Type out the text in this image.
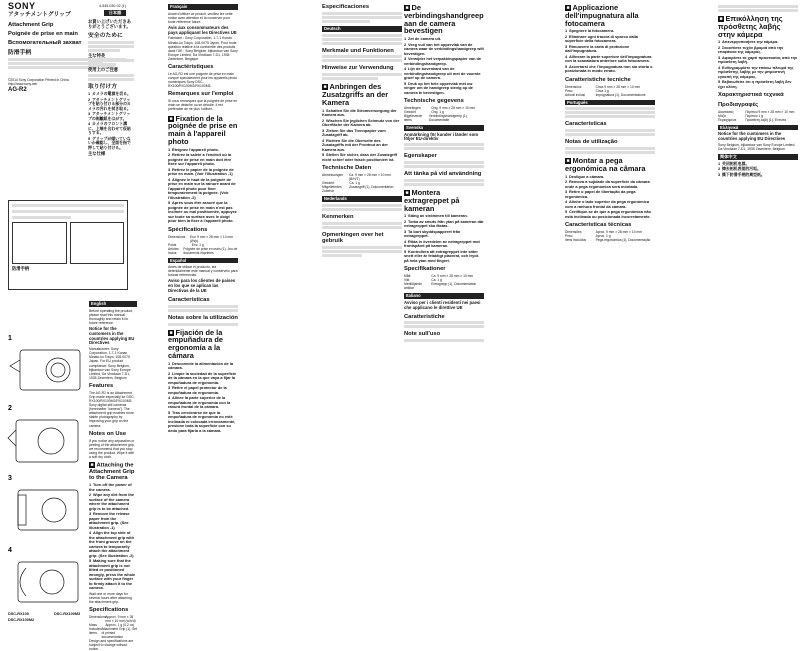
SONY	4-545-030-02 (1)
日本語
アタッチメントグリップ
Attachment Grip
Poignée de prise en main
Вспомогательный захват
防滑手柄
©2014 Sony Corporation Printed in China
http://www.sony.net/
AG-R2
お買い上げいただきありがとうございます。
安全のために
主な特長
使用上のご注意
取り付け方
1 カメラの電源を切る。
2 アタッチメントグリップを貼り付ける部分のカメラの汚れを拭き取る。
3 アタッチメントグリップの剥離紙をはがす。
4 カメラのフロント溝に、上端を合わせて仮貼りする。
5 グリップが傾いていないか確認し、全面を指で押して貼り付ける。
主な仕様
防滑手柄
English
Before operating the product, please read this manual thoroughly and retain it for future reference.
Notice for the customers in the countries applying EU Directives
Manufacturer: Sony Corporation, 1-7-1 Konan Minato-ku Tokyo, 108-0075 Japan. For EU product compliance: Sony Belgium, bijkantoor van Sony Europe Limited, Da Vincilaan 7-D1, 1935 Zaventem, Belgium
Features
The AG-R2 is an Attachment Grip made especially for DSC-RX100/RX100M2/RX100M3 Sony digital still cameras (hereinafter "camera"). The attachment grip enables more stable photography by improving your grip on the camera.
Notes on Use
If you notice any separation or peeling of the attachment grip, we recommend that you stop using the product. Wipe it with a soft dry cloth.
■ Attaching the Attachment Grip to the Camera
1 Turn off the power of the camera.
2 Wipe any dirt from the surface of the camera where the attachment grip is to be attached.
3 Remove the release paper from the attachment grip. (See illustration -1)
4 Align the top side of the attachment grip with the front groove on the camera to temporarily attach the attachment grip. (See illustration -2)
5 Making sure that the attachment grip is not tilted or positioned wrongly, press the whole surface with your finger to firmly attach it to the camera.
Wait one or more days for several hours after attaching the attachment grip.
Specifications
Dimensions Approx. 9 mm × 28 mm × 10 mm (w/h/d)
Mass	Approx. 1 g (0.2 oz)
Included items
Attachment Grip (1), Set of printed documentation
Design and specifications are subject to change without notice.
1
2
3
4
DSC-RX100
DSC-RX100M2
DSC-RX100M3
Français
Avant d'utiliser ce produit, veuillez lire cette notice avec attention et la conserver pour toute référence future.
Avis aux consommateurs des pays appliquant les Directives UE
Fabricant : Sony Corporation, 1-7-1 Konan Minato-ku Tokyo, 108-0075 Japon. Pour toute question relative à la conformité des produits dans l'UE : Sony Belgium, bijkantoor van Sony Europe Limited, Da Vincilaan 7-D1, 1935 Zaventem, Belgique
Caractéristiques
Le AG-R2 est une poignée de prise en main conçue spécialement pour les appareils photo numériques Sony DSC-RX100/RX100M2/RX100M3.
Remarques sur l'emploi
Si vous remarquez que la poignée de prise en main se détache ou se décolle, il est préférable de ne plus l'utiliser.
■ Fixation de la poignée de prise en main à l'appareil photo
1 Éteignez l'appareil photo.
2 Retirez la saleté à l'endroit où la poignée de prise en main doit être fixée sur l'appareil photo.
3 Retirez le papier de la poignée de prise en main. (Voir l'illustration -1)
4 Alignez le haut de la poignée de prise en main sur la rainure avant de l'appareil photo pour fixer temporairement la poignée. (Voir l'illustration -2)
5 Après vous être assuré que la poignée de prise en main n'est pas inclinée ou mal positionnée, appuyez sur toute sa surface avec le doigt pour bien la fixer à l'appareil photo.
Spécifications
Dimensions	Env. 9 mm × 28 mm × 10 mm (l/h/p)
Poids	Env. 1 g
Articles inclus
Poignée de prise en main (1), Jeu de documents imprimés
Español
Antes de utilizar el producto, lea detenidamente este manual y consérvelo para futuras referencias.
Aviso para los clientes de países en los que se aplican las Directivas de la UE
Características
Notas sobre la utilización
■ Fijación de la empuñadura de ergonomía a la cámara
1 Desconecte la alimentación de la cámara.
2 Limpie la suciedad de la superficie de la cámara en la que vaya a fijar la empuñadura de ergonomía.
3 Retire el papel protector de la empuñadura de ergonomía.
4 Alinee la parte superior de la empuñadura de ergonomía con la ranura frontal de la cámara.
5 Tras cerciorarse de que la empuñadura de ergonomía no esté inclinada ni colocada erróneamente, presione toda la superficie con su dedo para fijarla a la cámara.
Especificaciones
Deutsch
Merkmale und Funktionen
Hinweise zur Verwendung
■ Anbringen des Zusatzgriffs an der Kamera
1 Schalten Sie die Stromversorgung der Kamera aus.
2 Wischen Sie jeglichen Schmutz von der Oberfläche der Kamera ab.
3 Ziehen Sie das Trennpapier vom Zusatzgriff ab.
4 Richten Sie die Oberseite des Zusatzgriffs mit der Frontnut an der Kamera aus.
5 Stellen Sie sicher, dass der Zusatzgriff nicht schief oder falsch positioniert ist.
Technische Daten
Abmessungen	Ca. 9 mm × 28 mm × 10 mm (B/H/T)
Gewicht	Ca. 1 g
Mitgeliefertes Zubehör
Zusatzgriff (1), Dokumentation
Nederlands
Kenmerken
Opmerkingen over het gebruik
■ De verbindingshandgreep aan de camera bevestigen
1 Zet de camera uit.
2 Veeg vuil van het oppervlak van de camera waar de verbindingshandgreep wilt bevestigen.
3 Verwijder het verpakkingspapier van de verbindingshandgreep.
4 Lijn de bovenkant van de verbindingshandgreep uit met de voorste groef op de camera.
5 Druk op het hele oppervlak met uw vinger om de handgreep stevig op de camera te bevestigen.
Technische gegevens
Afmetingen	Ong. 9 mm × 28 mm × 10 mm
Gewicht	Ong. 1 g
Bijgeleverde items
Verbindingshandgreep (1), Documentatie
Svenska
Anmärkning för kunder i länder som följer EU-direktiv
Egenskaper
Att tänka på vid användning
■ Montera extragreppet på kameran
1 Stäng av strömmen till kameran.
2 Torka av smuts från ytan på kameran där extragreppet ska fästas.
3 Ta bort skyddspapperet från extragreppet.
4 Rikta in överdelen av extragreppet mot frontspåret på kameran.
5 Kontrollera att extragreppet inte sitter snett eller är felaktigt placerat, och tryck på hela ytan med fingret.
Specifikationer
Mått	Ca. 9 mm × 28 mm × 10 mm
Vikt	Ca. 1 g
Medföljande artiklar
Extragrepp (1), Dokumentation
Italiano
Avviso per i clienti residenti nei paesi che applicano le direttive UE
Caratteristiche
Note sull'uso
■ Applicazione dell'impugnatura alla fotocamera
1 Spegnere la fotocamera.
2 Eliminare ogni traccia di sporco dalla superficie della fotocamera.
3 Rimuovere la carta di protezione dall'impugnatura.
4 Allineare la parte superiore dell'impugnatura con la scanalatura anteriore sulla fotocamera.
5 Accertarsi che l'impugnatura non sia storta o posizionata in modo errato.
Caratteristiche tecniche
Dimensioni	Circa 9 mm × 28 mm × 10 mm
Peso	Circa 1 g
Articoli inclusi	Impugnatura (1), Documentazione
Português
Características
Notas de utilização
■ Montar a pega ergonómica na câmara
1 Desligue a câmara.
2 Remova a sujidade da superfície da câmara onde a pega ergonómica será montada.
3 Retire o papel de libertação da pega ergonómica.
4 Alinhe o lado superior da pega ergonómica com a ranhura frontal da câmara.
5 Certifique-se de que a pega ergonómica não está inclinada ou posicionada incorretamente.
Características técnicas
Dimensões	Aprox. 9 mm × 28 mm × 10 mm
Peso	Aprox. 1 g
Itens incluídos	Pega ergonómica (1), Documentação
■ Επικόλληση της πρόσθετης λαβής στην κάμερα
1 Απενεργοποιήστε την κάμερα.
2 Σκουπίστε τυχόν βρομιά από την επιφάνεια της κάμερας.
3 Αφαιρέστε το χαρτί προστασίας από την πρόσθετη λαβή.
4 Ευθυγραμμίστε την επάνω πλευρά της πρόσθετης λαβής με την μπροστινή εγκοπή της κάμερας.
5 Βεβαιωθείτε ότι η πρόσθετη λαβή δεν έχει κλίση.
Χαρακτηριστικά τεχνικά
Προδιαγραφές
Διαστάσεις	Περίπου 9 mm × 28 mm × 10 mm
Μάζα	Περίπου 1 g
Περιεχόμενα	Πρόσθετη λαβή (1), Έντυπα
Ελληνικά
Notice for the customers in the countries applying EU Directives
Sony Belgium, bijkantoor van Sony Europe Limited, Da Vincilaan 7-D1, 1935 Zaventem, Belgium
简体中文
1 关闭相机电源。
2 擦去相机表面的污垢。
3 撕下防滑手柄的离型纸。
